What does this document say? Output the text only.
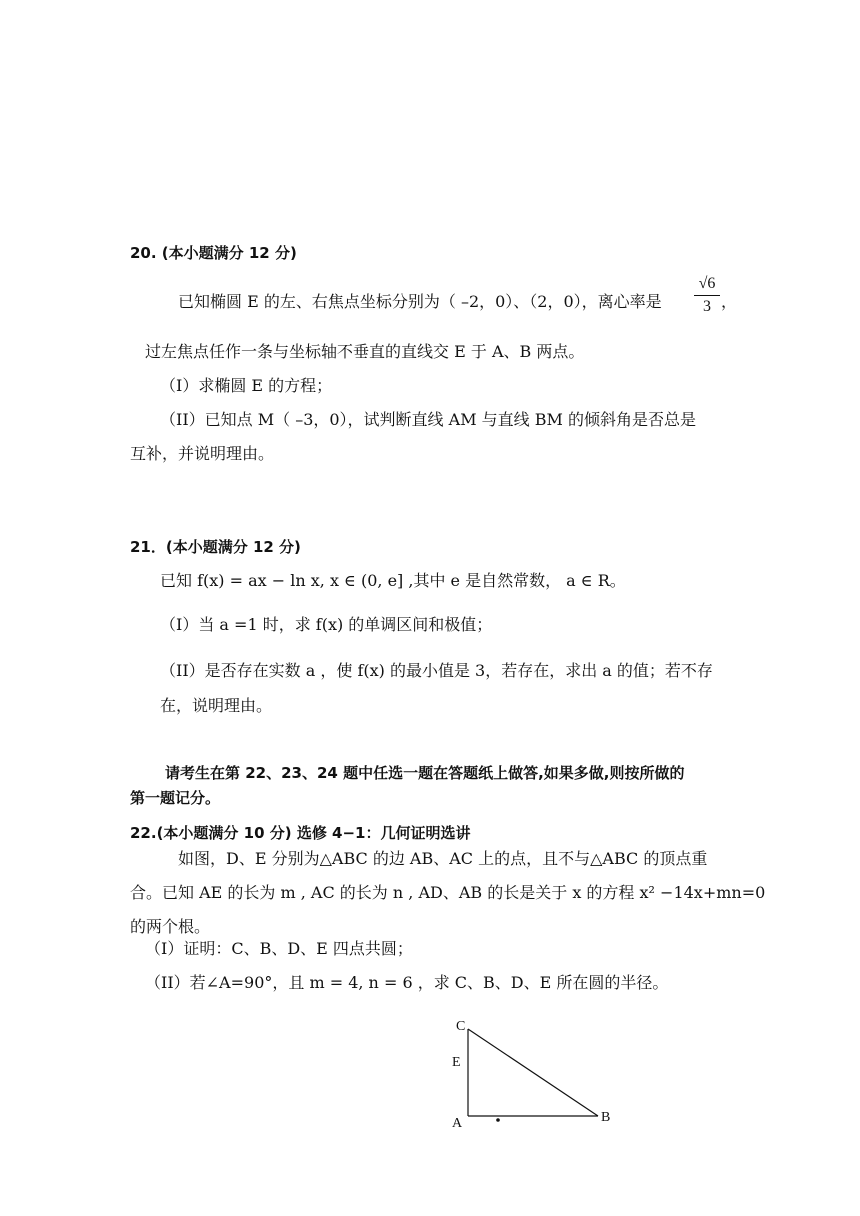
20. (本小题满分 12 分)
已知椭圆 E 的左、右焦点坐标分别为（ –2，0）、（2，0），离心率是
√6
3 ，
过左焦点任作一条与坐标轴不垂直的直线交 E 于 A、B 两点。
（I）求椭圆 E 的方程；
（II）已知点 M（ –3，0），试判断直线 AM 与直线 BM 的倾斜角是否总是
互补，并说明理由。
21．(本小题满分 12 分)
已知 f(x) = ax − ln x, x ∈ (0, e] ,其中 e 是自然常数， a ∈ R。
（I）当 a =1 时，求 f(x) 的单调区间和极值；
（II）是否存在实数 a ，使 f(x) 的最小值是 3，若存在，求出 a 的值；若不存
在，说明理由。
请考生在第 22、23、24 题中任选一题在答题纸上做答,如果多做,则按所做的
第一题记分。
22.(本小题满分 10 分) 选修 4−1：几何证明选讲
如图，D、E 分别为△ABC 的边 AB、AC 上的点，且不与△ABC 的顶点重
合。已知 AE 的长为 m , AC 的长为 n , AD、AB 的长是关于 x 的方程 x² −14x+mn=0
的两个根。
（I）证明：C、B、D、E 四点共圆；
（II）若∠A=90°，且 m = 4, n = 6 ，求 C、B、D、E 所在圆的半径。
C
E
A	B
